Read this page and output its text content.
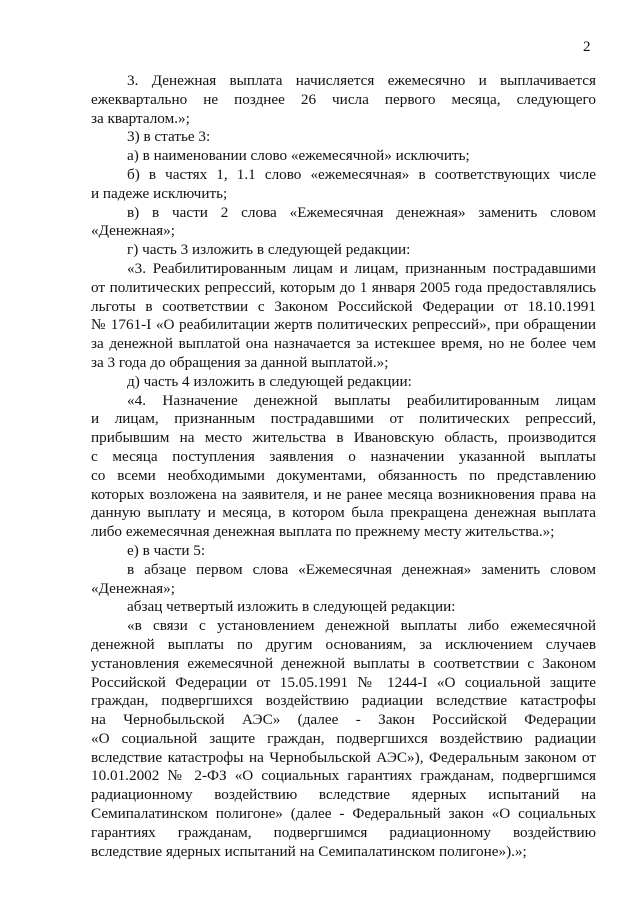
2
3. Денежная выплата начисляется ежемесячно и выплачивается
ежеквартально не позднее 26 числа первого месяца, следующего
за кварталом.»;
3) в статье 3:
а) в наименовании слово «ежемесячной» исключить;
б) в частях 1, 1.1 слово «ежемесячная» в соответствующих числе
и падеже исключить;
в) в части 2 слова «Ежемесячная денежная» заменить словом
«Денежная»;
г) часть 3 изложить в следующей редакции:
«3. Реабилитированным лицам и лицам, признанным пострадавшими
от политических репрессий, которым до 1 января 2005 года предоставлялись
льготы в соответствии с Законом Российской Федерации от 18.10.1991
№ 1761-I «О реабилитации жертв политических репрессий», при обращении
за денежной выплатой она назначается за истекшее время, но не более чем
за 3 года до обращения за данной выплатой.»;
д) часть 4 изложить в следующей редакции:
«4. Назначение денежной выплаты реабилитированным лицам
и лицам, признанным пострадавшими от политических репрессий,
прибывшим на место жительства в Ивановскую область, производится
с месяца поступления заявления о назначении указанной выплаты
со всеми необходимыми документами, обязанность по представлению
которых возложена на заявителя, и не ранее месяца возникновения права на
данную выплату и месяца, в котором была прекращена денежная выплата
либо ежемесячная денежная выплата по прежнему месту жительства.»;
е) в части 5:
в абзаце первом слова «Ежемесячная денежная» заменить словом
«Денежная»;
абзац четвертый изложить в следующей редакции:
«в связи с установлением денежной выплаты либо ежемесячной
денежной выплаты по другим основаниям, за исключением случаев
установления ежемесячной денежной выплаты в соответствии с Законом
Российской Федерации от 15.05.1991 № 1244-I «О социальной защите
граждан, подвергшихся воздействию радиации вследствие катастрофы
на Чернобыльской АЭС» (далее - Закон Российской Федерации
«О социальной защите граждан, подвергшихся воздействию радиации
вследствие катастрофы на Чернобыльской АЭС»), Федеральным законом от
10.01.2002 № 2-ФЗ «О социальных гарантиях гражданам, подвергшимся
радиационному воздействию вследствие ядерных испытаний на
Семипалатинском полигоне» (далее - Федеральный закон «О социальных
гарантиях гражданам, подвергшимся радиационному воздействию
вследствие ядерных испытаний на Семипалатинском полигоне»).»;
